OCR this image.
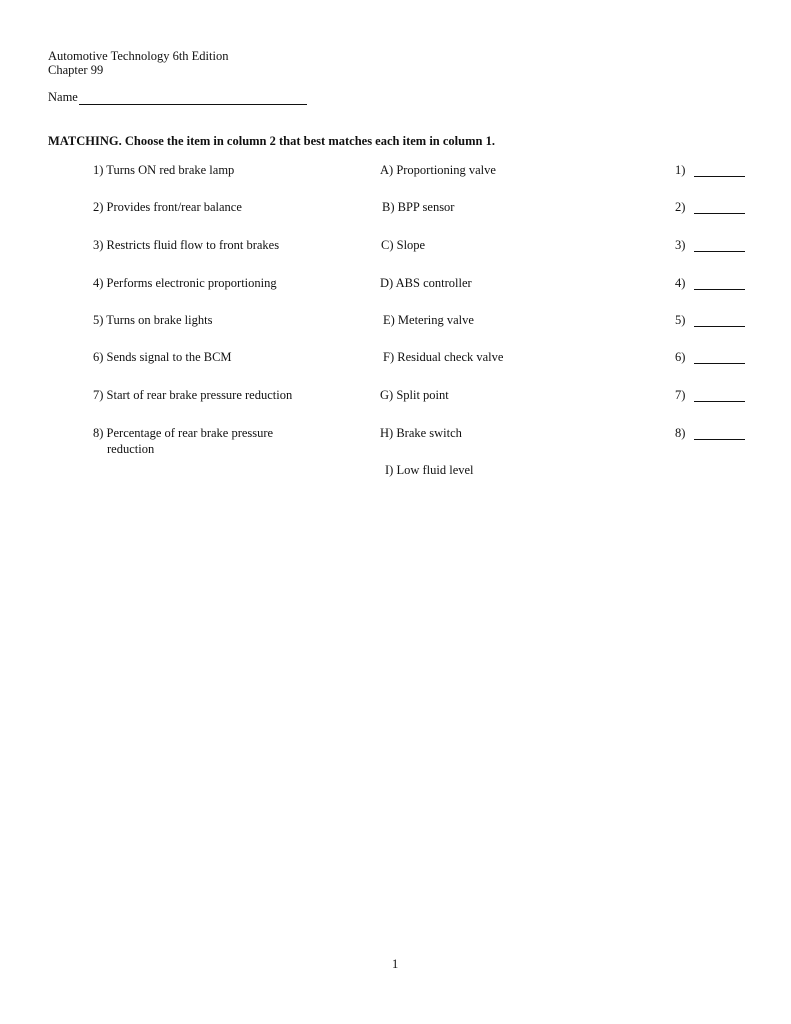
Automotive Technology 6th Edition
Chapter 99
Name
MATCHING. Choose the item in column 2 that best matches each item in column 1.
1) Turns ON red brake lamp
2) Provides front/rear balance
3) Restricts fluid flow to front brakes
4) Performs electronic proportioning
5) Turns on brake lights
6) Sends signal to the BCM
7) Start of rear brake pressure reduction
8) Percentage of rear brake pressure
reduction
A) Proportioning valve
B) BPP sensor
C) Slope
D) ABS controller
E) Metering valve
F) Residual check valve
G) Split point
H) Brake switch
I) Low fluid level
1)
2)
3)
4)
5)
6)
7)
8)
1
